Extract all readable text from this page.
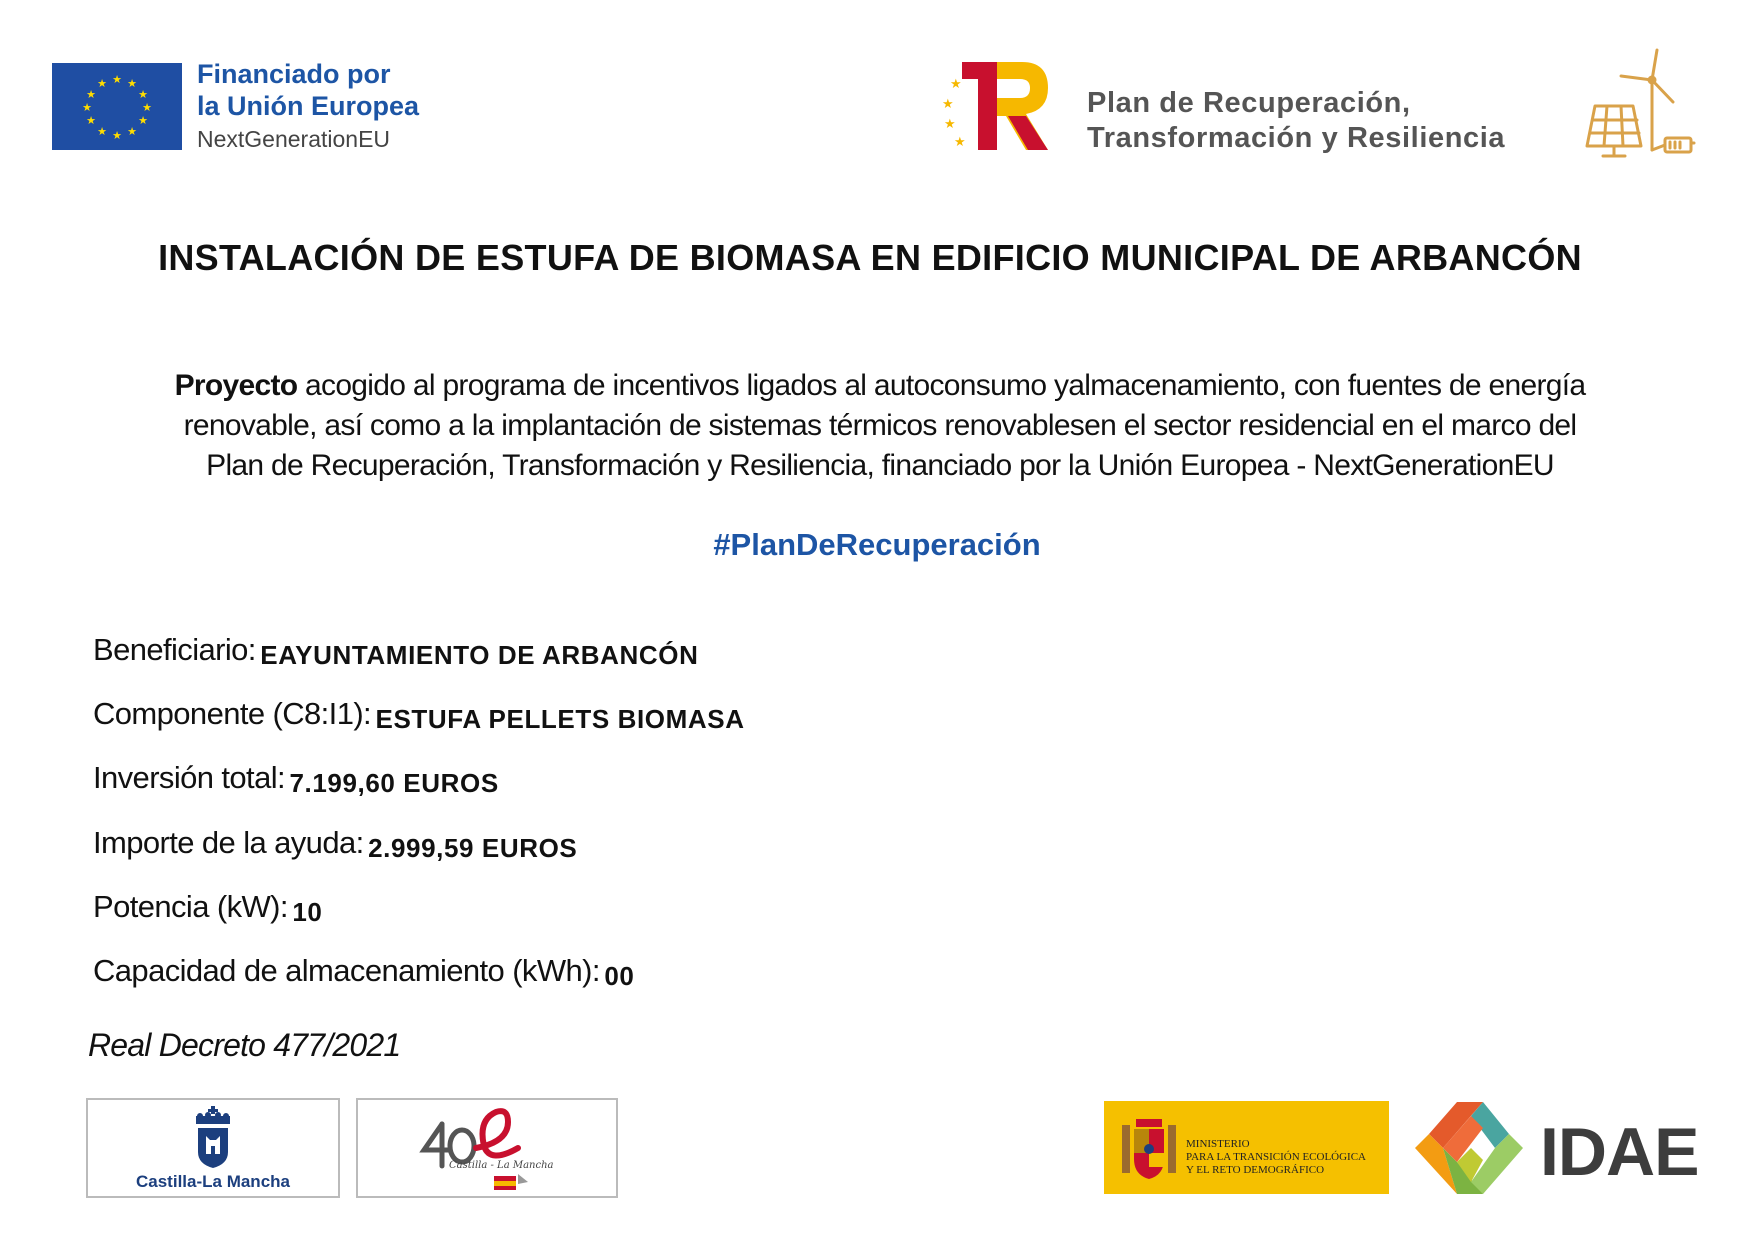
★ ★
★
★
★
★
★
★
★
★
★
★	Financiado por
la Unión Europea
NextGenerationEU
★
★
★
★
Plan de Recuperación,
Transformación y Resiliencia
INSTALACIÓN DE ESTUFA DE BIOMASA EN EDIFICIO MUNICIPAL DE ARBANCÓN
Proyecto acogido al programa de incentivos ligados al autoconsumo yalmacenamiento, con fuentes de energía
renovable, así como a la implantación de sistemas térmicos renovablesen el sector residencial en el marco del
Plan de Recuperación, Transformación y Resiliencia, financiado por la Unión Europea - NextGenerationEU
#PlanDeRecuperación
Beneficiario: EAYUNTAMIENTO DE ARBANCÓN
Componente (C8:I1): ESTUFA PELLETS BIOMASA
Inversión total: 7.199,60 EUROS
Importe de la ayuda: 2.999,59 EUROS
Potencia (kW): 10
Capacidad de almacenamiento (kWh): 00
Real Decreto 477/2021
Castilla-La Mancha
Castilla - La Mancha
MINISTERIO
PARA LA TRANSICIÓN ECOLÓGICA
Y EL RETO DEMOGRÁFICO	IDAE
